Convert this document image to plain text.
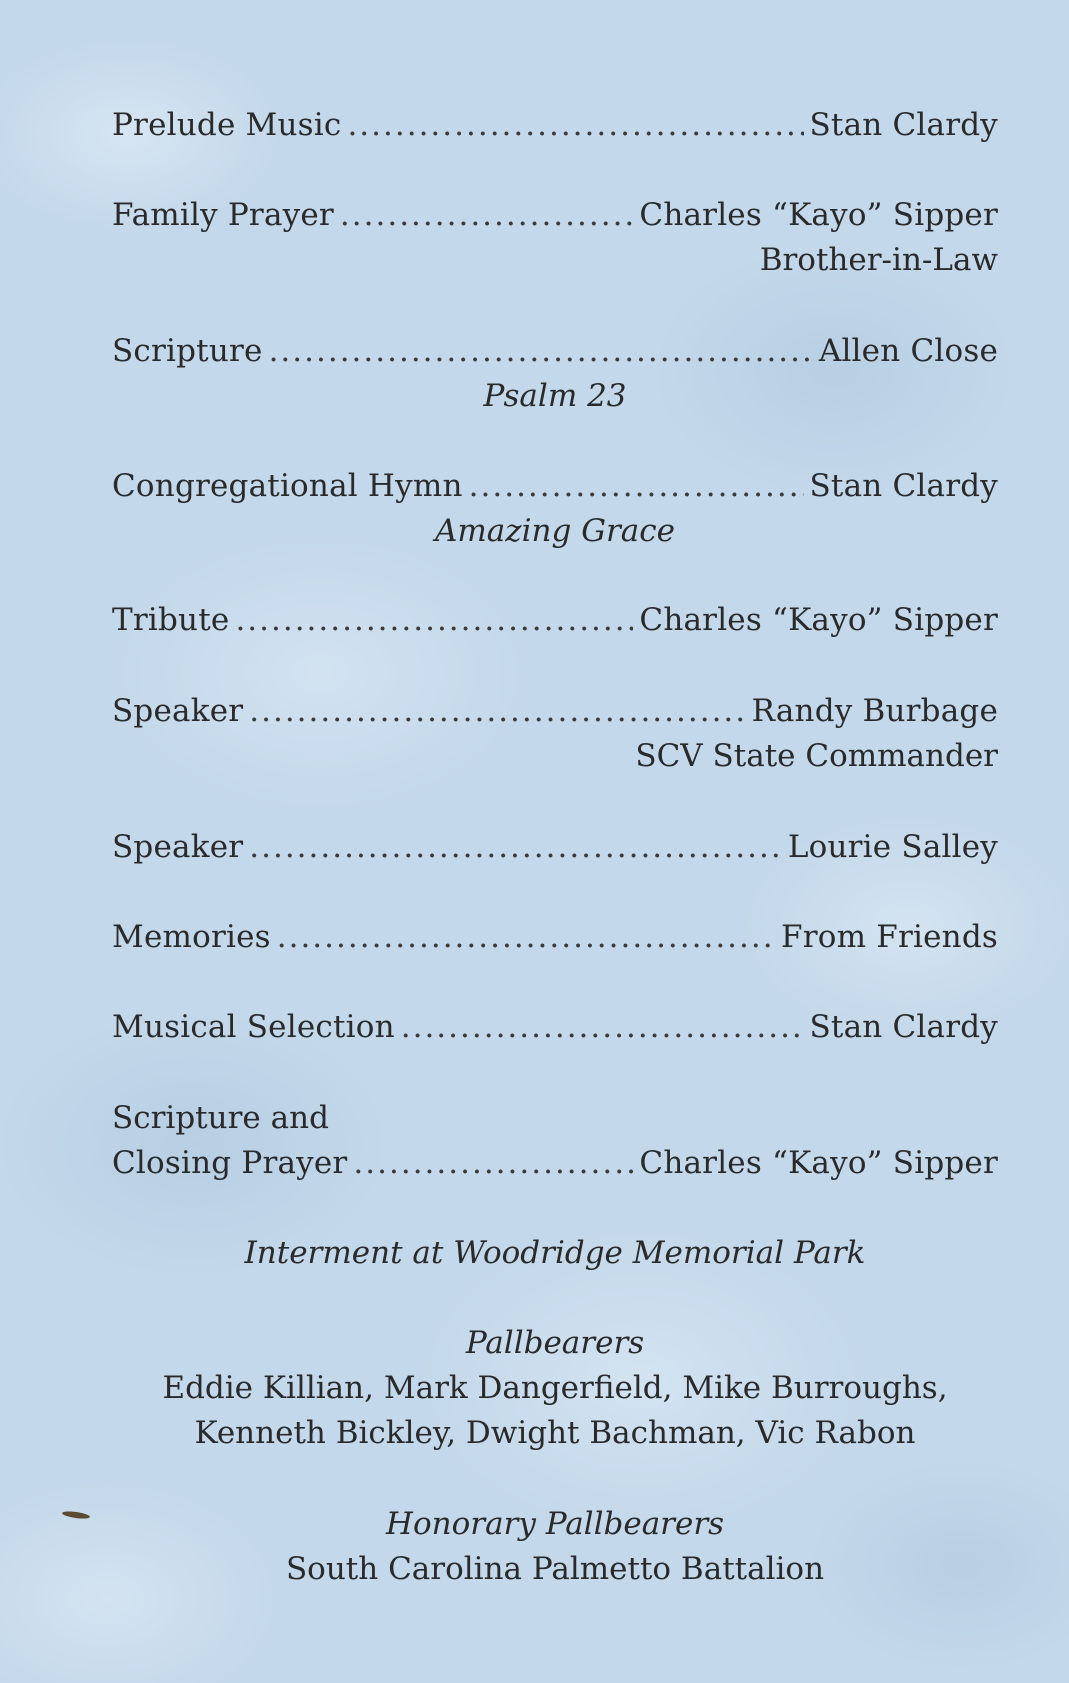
Prelude Music .....	Stan Clardy
Family Prayer .....	Charles “Kayo” Sipper
Brother-in-Law
Scripture .....	Allen Close
Psalm 23
Congregational Hymn .....	Stan Clardy
Amazing Grace
Tribute .....	Charles “Kayo” Sipper
Speaker .....	Randy Burbage
SCV State Commander
Speaker .....	Lourie Salley
Memories .....	From Friends
Musical Selection .....	Stan Clardy
Scripture and
Closing Prayer .....	Charles “Kayo” Sipper
Interment at Woodridge Memorial Park
Pallbearers
Eddie Killian, Mark Dangerfield, Mike Burroughs,
Kenneth Bickley, Dwight Bachman, Vic Rabon
Honorary Pallbearers
South Carolina Palmetto Battalion
